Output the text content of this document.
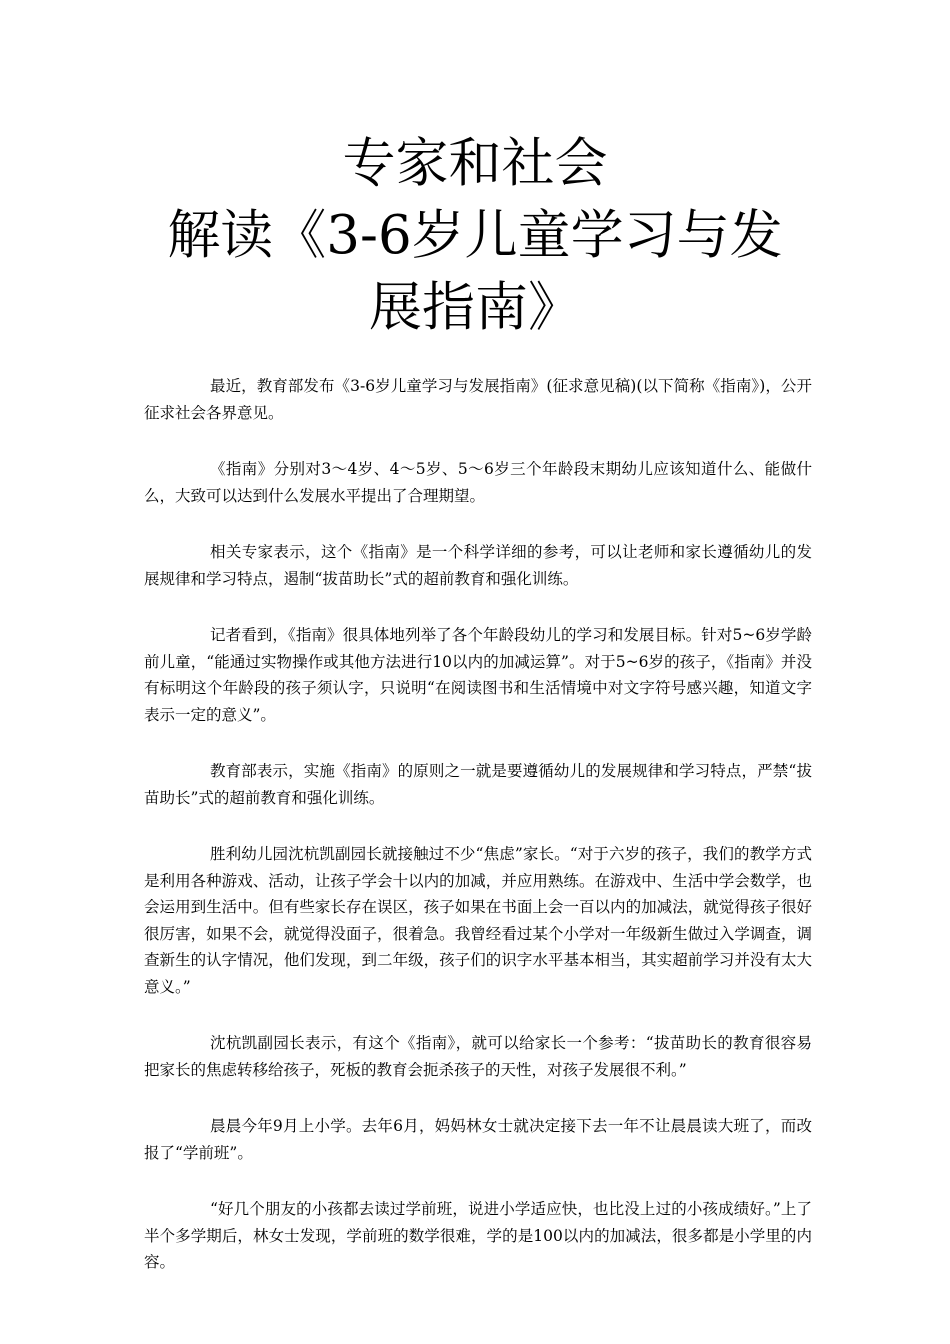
专家和社会
解读《3-6岁儿童学习与发
展指南》

最近，教育部发布《3-6岁儿童学习与发展指南》(征求意见稿)(以下简称《指南》)，公开征求社会各界意见。

《指南》分别对3～4岁、4～5岁、5～6岁三个年龄段末期幼儿应该知道什么、能做什么，大致可以达到什么发展水平提出了合理期望。

相关专家表示，这个《指南》是一个科学详细的参考，可以让老师和家长遵循幼儿的发展规律和学习特点，遏制“拔苗助长”式的超前教育和强化训练。

记者看到，《指南》很具体地列举了各个年龄段幼儿的学习和发展目标。针对5~6岁学龄前儿童，“能通过实物操作或其他方法进行10以内的加减运算”。对于5~6岁的孩子，《指南》并没有标明这个年龄段的孩子须认字，只说明“在阅读图书和生活情境中对文字符号感兴趣，知道文字表示一定的意义”。

教育部表示，实施《指南》的原则之一就是要遵循幼儿的发展规律和学习特点，严禁“拔苗助长”式的超前教育和强化训练。

胜利幼儿园沈杭凯副园长就接触过不少“焦虑”家长。“对于六岁的孩子，我们的教学方式是利用各种游戏、活动，让孩子学会十以内的加减，并应用熟练。在游戏中、生活中学会数学，也会运用到生活中。但有些家长存在误区，孩子如果在书面上会一百以内的加减法，就觉得孩子很好很厉害，如果不会，就觉得没面子，很着急。我曾经看过某个小学对一年级新生做过入学调查，调查新生的认字情况，他们发现，到二年级，孩子们的识字水平基本相当，其实超前学习并没有太大意义。”

沈杭凯副园长表示，有这个《指南》，就可以给家长一个参考：“拔苗助长的教育很容易把家长的焦虑转移给孩子，死板的教育会扼杀孩子的天性，对孩子发展很不利。”

晨晨今年9月上小学。去年6月，妈妈林女士就决定接下去一年不让晨晨读大班了，而改报了“学前班”。

“好几个朋友的小孩都去读过学前班，说进小学适应快，也比没上过的小孩成绩好。”上了半个多学期后，林女士发现，学前班的数学很难，学的是100以内的加减法，很多都是小学里的内容。
